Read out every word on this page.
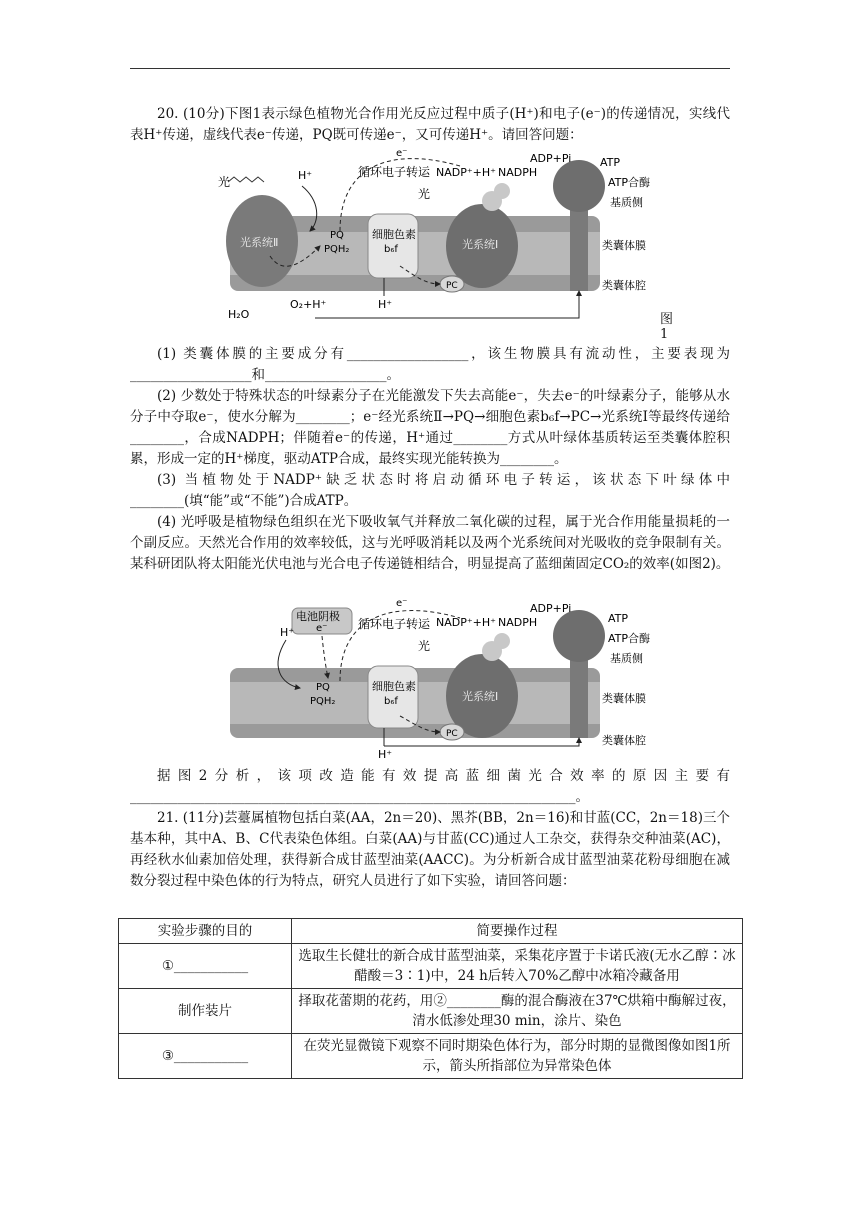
20. (10分)下图1表示绿色植物光合作用光反应过程中质子(H⁺)和电子(e⁻)的传递情况，实线代表H⁺传递，虚线代表e⁻传递，PQ既可传递e⁻，又可传递H⁺。请回答问题：

光	H⁺	循环电子转运
e⁻
NADP⁺+H⁺ NADPH
ADP+Pi	ATP
ATP合酶
基质侧
类囊体膜
类囊体腔
光
光系统Ⅱ	光系统Ⅰ
细胞色素
b₆f
PQ
PQH₂
PC
H₂O
O₂+H⁺	H⁺
图1

(1) 类囊体膜的主要成分有__________________，该生物膜具有流动性，主要表现为__________________和__________________。

(2) 少数处于特殊状态的叶绿素分子在光能激发下失去高能e⁻，失去e⁻的叶绿素分子，能够从水分子中夺取e⁻，使水分解为________；e⁻经光系统Ⅱ→PQ→细胞色素b₆f→PC→光系统Ⅰ等最终传递给________，合成NADPH；伴随着e⁻的传递，H⁺通过________方式从叶绿体基质转运至类囊体腔积累，形成一定的H⁺梯度，驱动ATP合成，最终实现光能转换为________。

(3) 当植物处于NADP⁺缺乏状态时将启动循环电子转运，该状态下叶绿体中________(填“能”或“不能”)合成ATP。

(4) 光呼吸是植物绿色组织在光下吸收氧气并释放二氧化碳的过程，属于光合作用能量损耗的一个副反应。天然光合作用的效率较低，这与光呼吸消耗以及两个光系统间对光吸收的竞争限制有关。某科研团队将太阳能光伏电池与光合电子传递链相结合，明显提高了蓝细菌固定CO₂的效率(如图2)。

电池阴极
e⁻
H⁺
循环电子转运
e⁻
NADP⁺+H⁺ NADPH
ADP+Pi
ATP
ATP合酶
基质侧
类囊体膜
类囊体腔
光
光系统Ⅰ
细胞色素
b₆f
PQ
PQH₂
PC
H⁺

据图2分析，该项改造能有效提高蓝细菌光合效率的原因主要有__________________________________________________________________。

21. (11分)芸薹属植物包括白菜(AA，2n＝20)、黑芥(BB，2n＝16)和甘蓝(CC，2n＝18)三个基本种，其中A、B、C代表染色体组。白菜(AA)与甘蓝(CC)通过人工杂交，获得杂交种油菜(AC)，再经秋水仙素加倍处理，获得新合成甘蓝型油菜(AACC)。为分析新合成甘蓝型油菜花粉母细胞在减数分裂过程中染色体的行为特点，研究人员进行了如下实验，请回答问题：

实验步骤的目的	简要操作过程
①___________	选取生长健壮的新合成甘蓝型油菜，采集花序置于卡诺氏液(无水乙醇∶冰醋酸＝3∶1)中，24 h后转入70%乙醇中冰箱冷藏备用
制作装片	择取花蕾期的花药，用②________酶的混合酶液在37℃烘箱中酶解过夜，清水低渗处理30 min，涂片、染色
③___________	在荧光显微镜下观察不同时期染色体行为，部分时期的显微图像如图1所示，箭头所指部位为异常染色体
